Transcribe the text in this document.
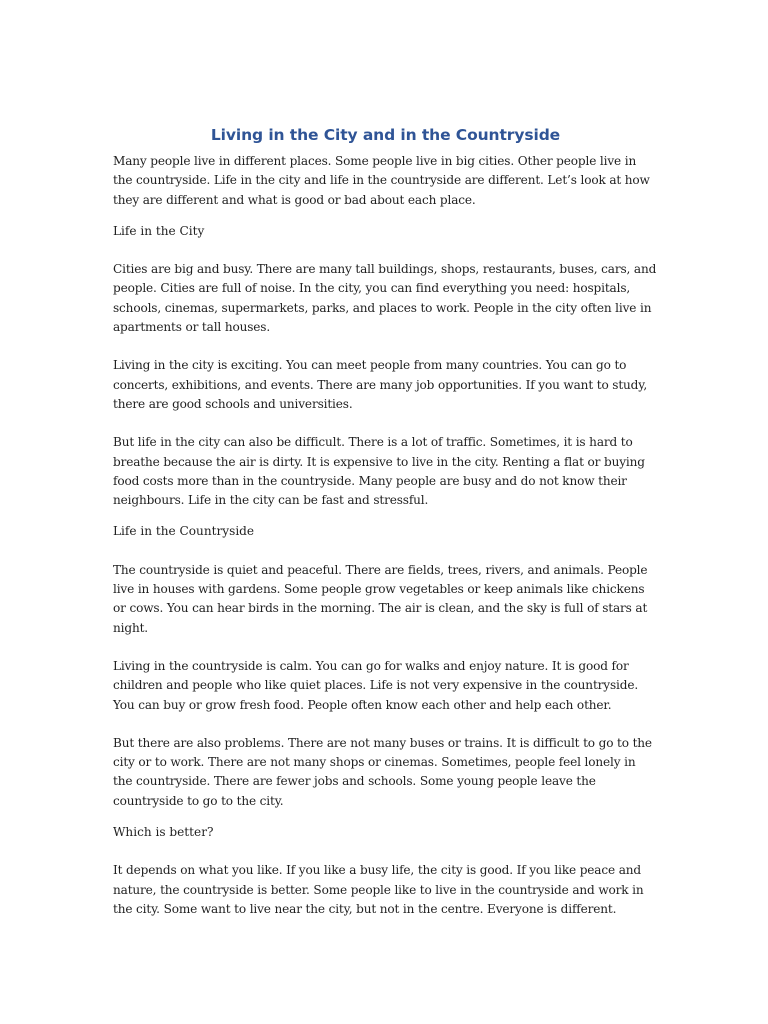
Living in the City and in the Countryside

Many people live in different places. Some people live in big cities. Other people live in the countryside. Life in the city and life in the countryside are different. Let’s look at how they are different and what is good or bad about each place.

Life in the City

Cities are big and busy. There are many tall buildings, shops, restaurants, buses, cars, and people. Cities are full of noise. In the city, you can find everything you need: hospitals, schools, cinemas, supermarkets, parks, and places to work. People in the city often live in apartments or tall houses.

Living in the city is exciting. You can meet people from many countries. You can go to concerts, exhibitions, and events. There are many job opportunities. If you want to study, there are good schools and universities.

But life in the city can also be difficult. There is a lot of traffic. Sometimes, it is hard to breathe because the air is dirty. It is expensive to live in the city. Renting a flat or buying food costs more than in the countryside. Many people are busy and do not know their neighbours. Life in the city can be fast and stressful.

Life in the Countryside

The countryside is quiet and peaceful. There are fields, trees, rivers, and animals. People live in houses with gardens. Some people grow vegetables or keep animals like chickens or cows. You can hear birds in the morning. The air is clean, and the sky is full of stars at night.

Living in the countryside is calm. You can go for walks and enjoy nature. It is good for children and people who like quiet places. Life is not very expensive in the countryside. You can buy or grow fresh food. People often know each other and help each other.

But there are also problems. There are not many buses or trains. It is difficult to go to the city or to work. There are not many shops or cinemas. Sometimes, people feel lonely in the countryside. There are fewer jobs and schools. Some young people leave the countryside to go to the city.

Which is better?

It depends on what you like. If you like a busy life, the city is good. If you like peace and nature, the countryside is better. Some people like to live in the countryside and work in the city. Some want to live near the city, but not in the centre. Everyone is different.
